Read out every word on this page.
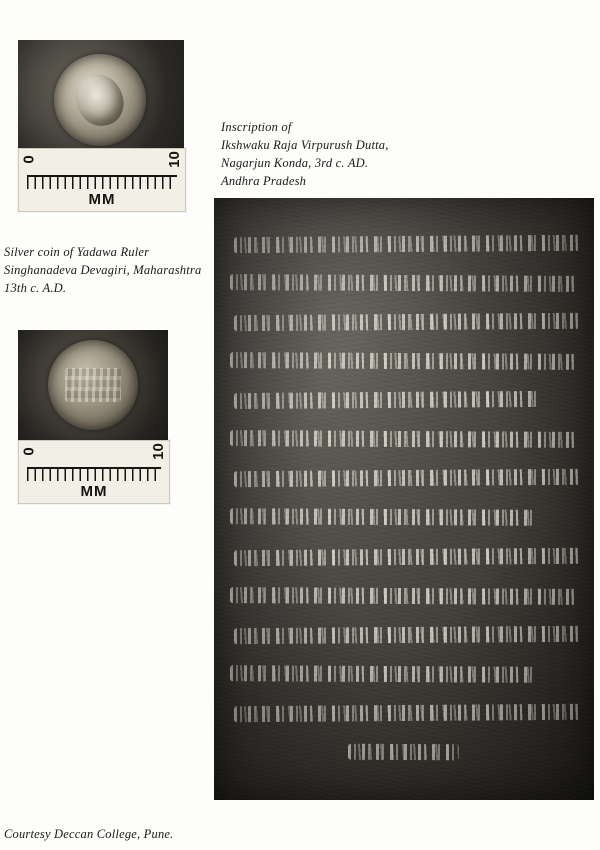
0	10
MM
Silver coin of Yadawa Ruler
Singhanadeva Devagiri, Maharashtra
13th c. A.D.
0	10
MM
Inscription of
Ikshwaku Raja Virpurush Dutta,
Nagarjun Konda, 3rd c. AD.
Andhra Pradesh
Courtesy Deccan College, Pune.
